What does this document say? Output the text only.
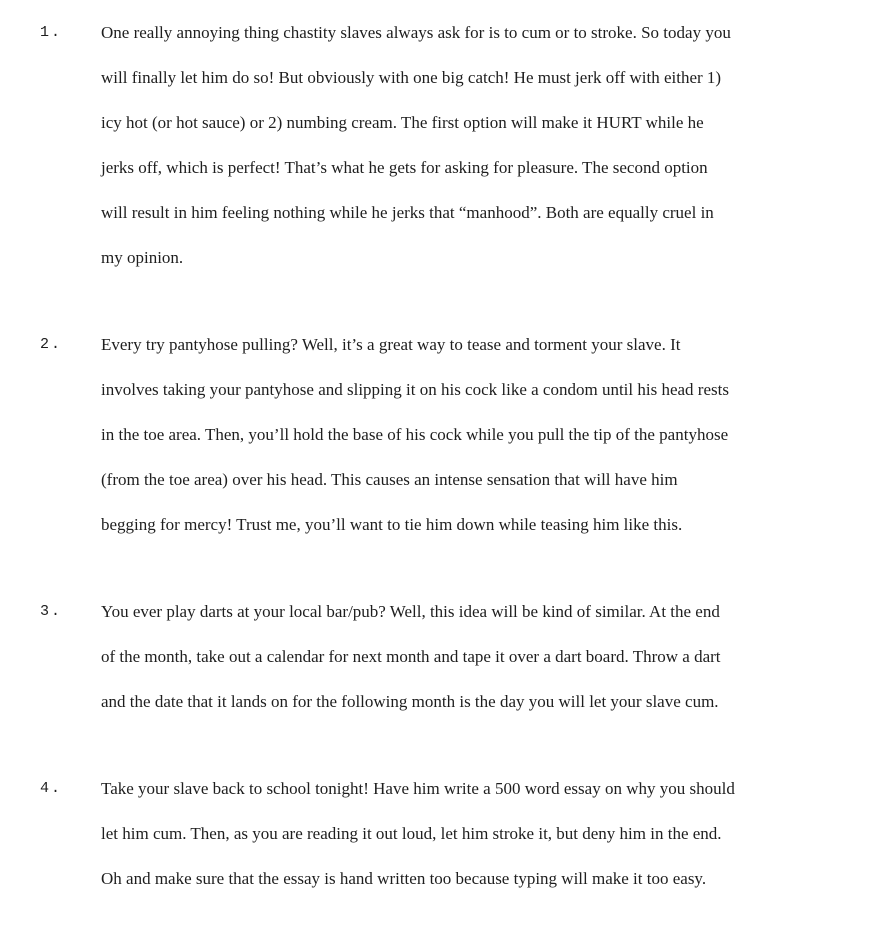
1.	One really annoying thing chastity slaves always ask for is to cum or to stroke. So today you
will finally let him do so! But obviously with one big catch! He must jerk off with either 1)
icy hot (or hot sauce) or 2) numbing cream. The first option will make it HURT while he
jerks off, which is perfect! That’s what he gets for asking for pleasure. The second option
will result in him feeling nothing while he jerks that “manhood”. Both are equally cruel in
my opinion.
2.	Every try pantyhose pulling? Well, it’s a great way to tease and torment your slave. It
involves taking your pantyhose and slipping it on his cock like a condom until his head rests
in the toe area. Then, you’ll hold the base of his cock while you pull the tip of the pantyhose
(from the toe area) over his head. This causes an intense sensation that will have him
begging for mercy! Trust me, you’ll want to tie him down while teasing him like this.
3.	You ever play darts at your local bar/pub? Well, this idea will be kind of similar. At the end
of the month, take out a calendar for next month and tape it over a dart board. Throw a dart
and the date that it lands on for the following month is the day you will let your slave cum.
4.	Take your slave back to school tonight! Have him write a 500 word essay on why you should
let him cum. Then, as you are reading it out loud, let him stroke it, but deny him in the end.
Oh and make sure that the essay is hand written too because typing will make it too easy.
